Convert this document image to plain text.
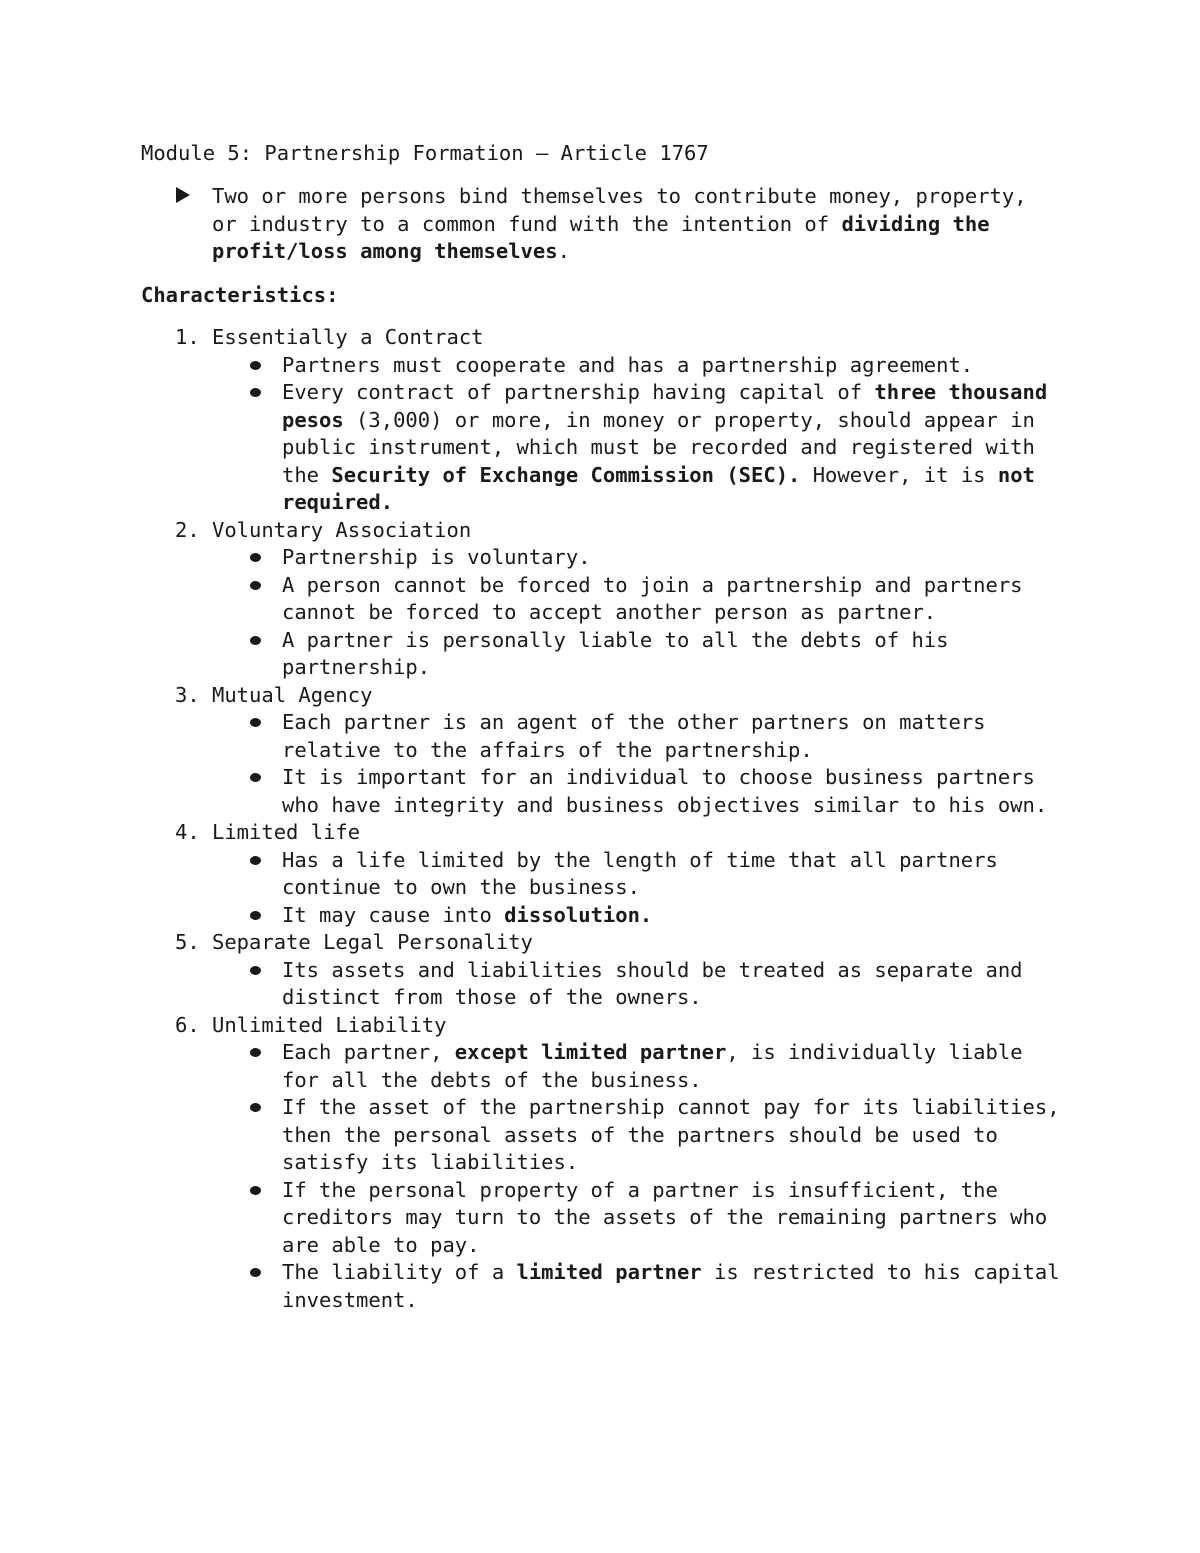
Module 5: Partnership Formation – Article 1767
Two or more persons bind themselves to contribute money, property, or industry to a common fund with the intention of dividing the profit/loss among themselves.
Characteristics:
1. Essentially a Contract
Partners must cooperate and has a partnership agreement.
Every contract of partnership having capital of three thousand pesos (3,000) or more, in money or property, should appear in public instrument, which must be recorded and registered with the Security of Exchange Commission (SEC). However, it is not required.
2. Voluntary Association
Partnership is voluntary.
A person cannot be forced to join a partnership and partners cannot be forced to accept another person as partner.
A partner is personally liable to all the debts of his partnership.
3. Mutual Agency
Each partner is an agent of the other partners on matters relative to the affairs of the partnership.
It is important for an individual to choose business partners who have integrity and business objectives similar to his own.
4. Limited life
Has a life limited by the length of time that all partners continue to own the business.
It may cause into dissolution.
5. Separate Legal Personality
Its assets and liabilities should be treated as separate and distinct from those of the owners.
6. Unlimited Liability
Each partner, except limited partner, is individually liable for all the debts of the business.
If the asset of the partnership cannot pay for its liabilities, then the personal assets of the partners should be used to satisfy its liabilities.
If the personal property of a partner is insufficient, the creditors may turn to the assets of the remaining partners who are able to pay.
The liability of a limited partner is restricted to his capital investment.
